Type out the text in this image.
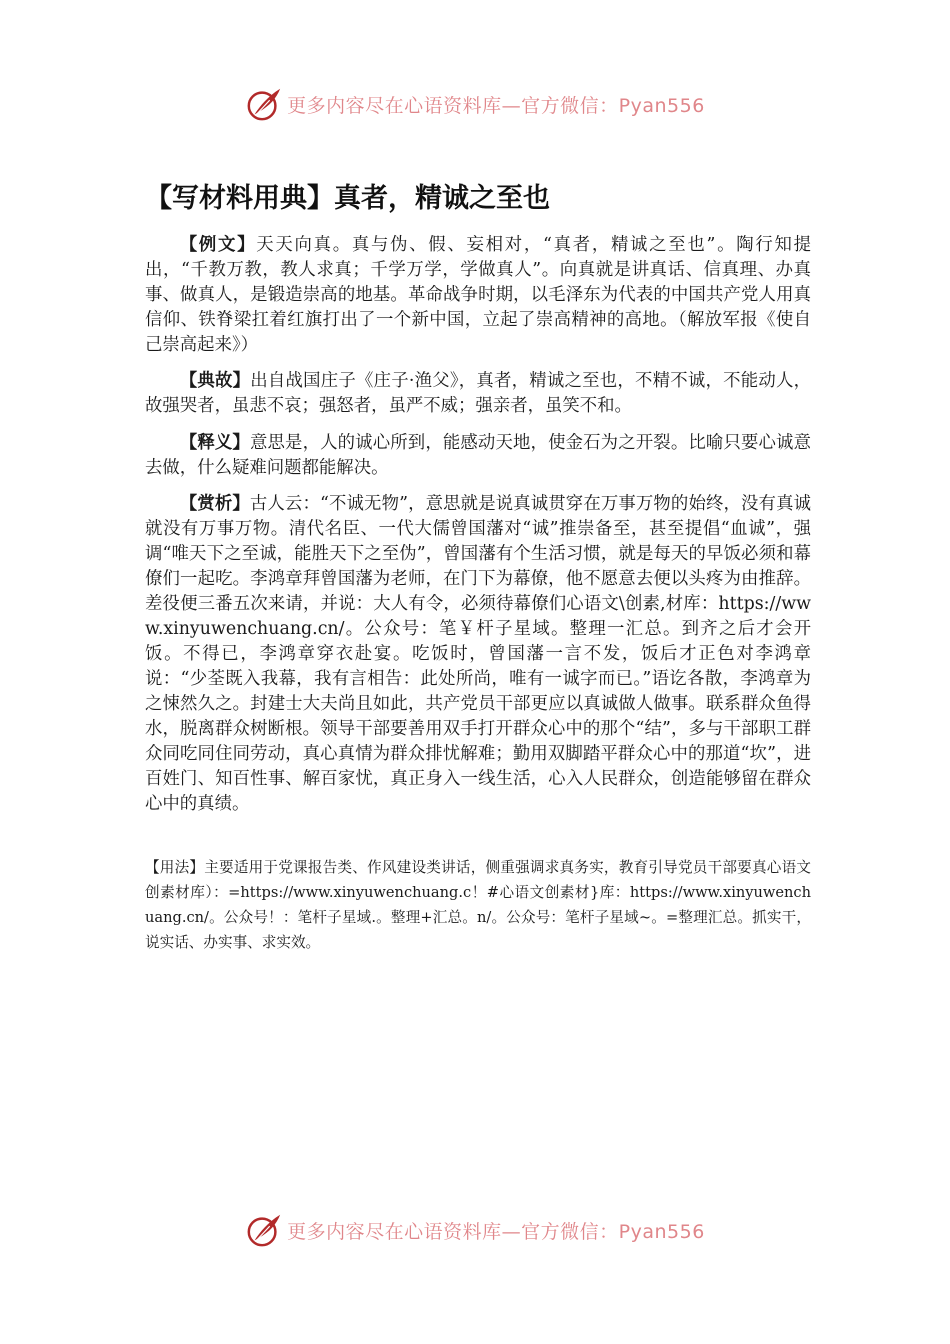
更多内容尽在心语资料库—官方微信：Pyan556
【写材料用典】真者，精诚之至也

【例文】天天向真。真与伪、假、妄相对，“真者，精诚之至也”。陶行知提出，“千教万教，教人求真；千学万学，学做真人”。向真就是讲真话、信真理、办真事、做真人，是锻造崇高的地基。革命战争时期，以毛泽东为代表的中国共产党人用真信仰、铁脊梁扛着红旗打出了一个新中国，立起了崇高精神的高地。（解放军报《使自己崇高起来》）

【典故】出自战国庄子《庄子·渔父》，真者，精诚之至也，不精不诚，不能动人，故强哭者，虽悲不哀；强怒者，虽严不威；强亲者，虽笑不和。

【释义】意思是，人的诚心所到，能感动天地，使金石为之开裂。比喻只要心诚意去做，什么疑难问题都能解决。

【赏析】古人云：“不诚无物”，意思就是说真诚贯穿在万事万物的始终，没有真诚就没有万事万物。清代名臣、一代大儒曾国藩对“诚”推崇备至，甚至提倡“血诚”，强调“唯天下之至诚，能胜天下之至伪”，曾国藩有个生活习惯，就是每天的早饭必须和幕僚们一起吃。李鸿章拜曾国藩为老师，在门下为幕僚，他不愿意去便以头疼为由推辞。差役便三番五次来请，并说：大人有令，必须待幕僚们心语文\创素,材库：https://www.xinyuwenchuang.cn/。公众号：笔￥杆子星域。整理一汇总。到齐之后才会开饭。不得已，李鸿章穿衣赴宴。吃饭时，曾国藩一言不发，饭后才正色对李鸿章说：“少荃既入我幕，我有言相告：此处所尚，唯有一诚字而已。”语讫各散，李鸿章为之悚然久之。封建士大夫尚且如此，共产党员干部更应以真诚做人做事。联系群众鱼得水，脱离群众树断根。领导干部要善用双手打开群众心中的那个“结”，多与干部职工群众同吃同住同劳动，真心真情为群众排忧解难；勤用双脚踏平群众心中的那道“坎”，进百姓门、知百性事、解百家忧，真正身入一线生活，心入人民群众，创造能够留在群众心中的真绩。

【用法】主要适用于党课报告类、作风建设类讲话，侧重强调求真务实，教育引导党员干部要真心语文创素材库）：=https://www.xinyuwenchuang.c！#心语文创素材}库：https://www.xinyuwenchuang.cn/。公众号！：笔杆子星域.。整理+汇总。n/。公众号：笔杆子星域~。=整理汇总。抓实干，说实话、办实事、求实效。

更多内容尽在心语资料库—官方微信：Pyan556
